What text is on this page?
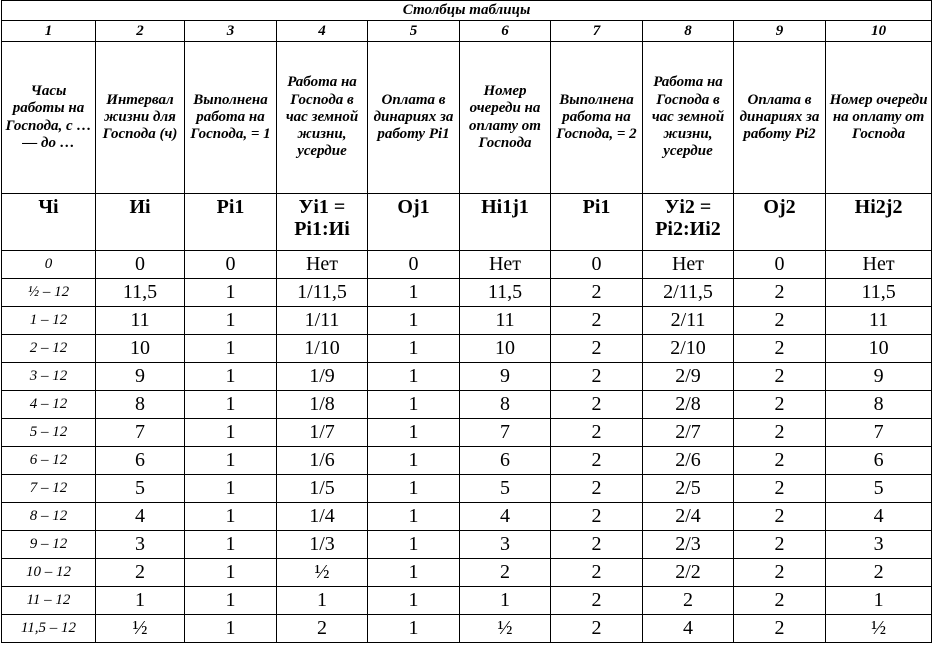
Столбцы таблицы									
1	2	3	4	5	6	7	8	9	10

Часы работы на Господа, с … — до …	Интервал жизни для Господа (ч)	Выполнена работа на Господа, = 1	Работа на Господа в час земной жизни, усердие	Оплата в динариях за работу Рi1	Номер очереди на оплату от Господа	Выполнена работа на Господа, = 2	Работа на Господа в час земной жизни, усердие	Оплата в динариях за работу Рi2	Номер очереди на оплату от Господа

Чi	Иi	Рi1	Уi1 = Рi1:Иi	Оj1	Нi1j1	Рi1	Уi2 = Рi2:Иi2	Оj2	Нi2j2

0	0	0	Нет	0	Нет	0	Нет	0	Нет
½ – 12	11,5	1	1/11,5	1	11,5	2	2/11,5	2	11,5
1 – 12	11	1	1/11	1	11	2	2/11	2	11
2 – 12	10	1	1/10	1	10	2	2/10	2	10
3 – 12	9	1	1/9	1	9	2	2/9	2	9
4 – 12	8	1	1/8	1	8	2	2/8	2	8
5 – 12	7	1	1/7	1	7	2	2/7	2	7
6 – 12	6	1	1/6	1	6	2	2/6	2	6
7 – 12	5	1	1/5	1	5	2	2/5	2	5
8 – 12	4	1	1/4	1	4	2	2/4	2	4
9 – 12	3	1	1/3	1	3	2	2/3	2	3
10 – 12	2	1	½	1	2	2	2/2	2	2
11 – 12	1	1	1	1	1	2	2	2	1
11,5 – 12	½	1	2	1	½	2	4	2	½
